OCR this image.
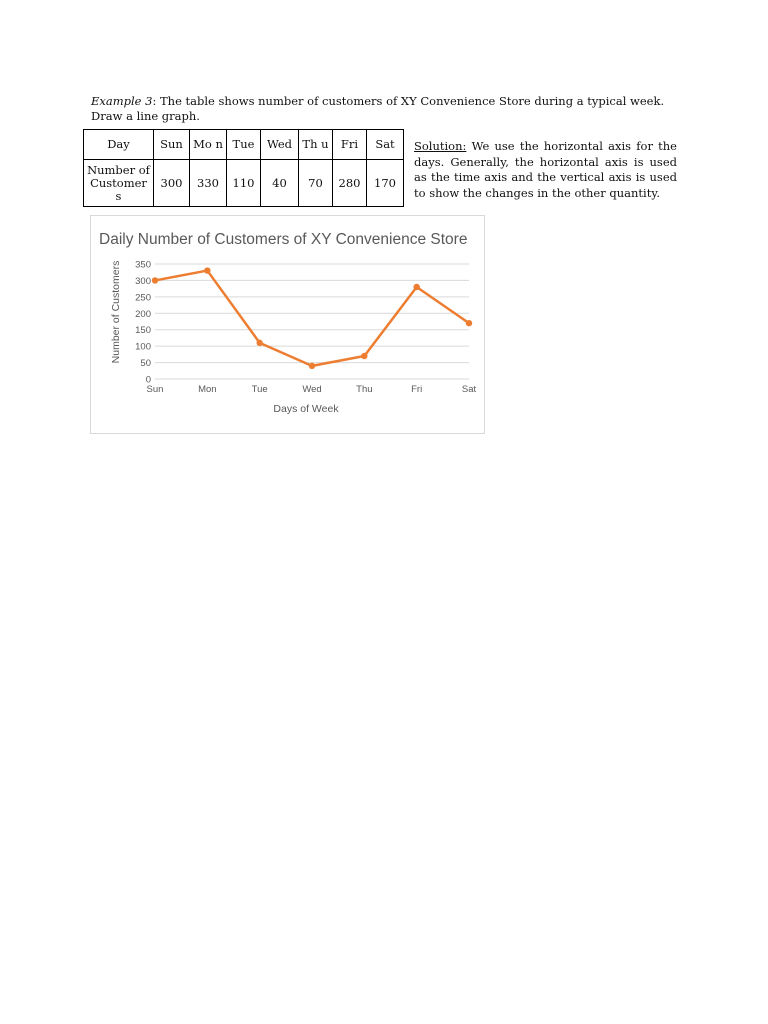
Example 3: The table shows number of customers of XY Convenience Store during a typical week. Draw a line graph.
Day	Sun	Mo n	Tue	Wed	Th u	Fri	Sat
Number of Customer s	300	330	110	40	70	280	170
Solution: We use the horizontal axis for the days. Generally, the horizontal axis is used as the time axis and the vertical axis is used to show the changes in the other quantity.
Daily Number of Customers of XY Convenience Store
0
50
100
150
200
250
300
350
Sun	Mon	Tue	Wed	Thu	Fri	Sat
Days of Week
Number of Customers
